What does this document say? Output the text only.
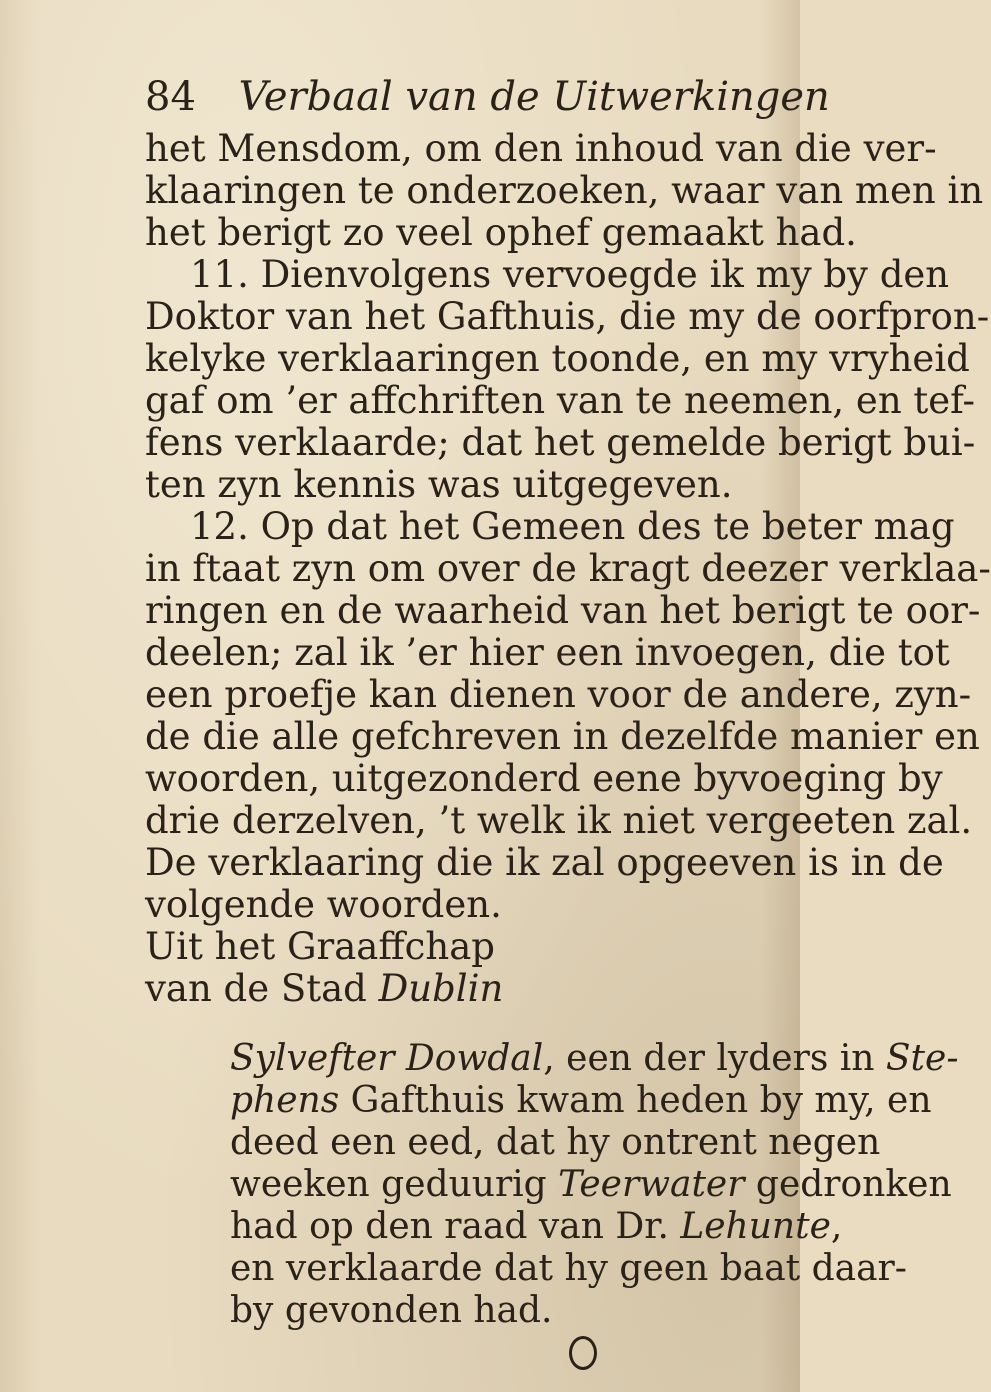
84 Verbaal van de Uitwerkingen
het Mensdom, om den inhoud van die ver-
klaaringen te onderzoeken, waar van men in
het berigt zo veel ophef gemaakt had.
11. Dienvolgens vervoegde ik my by den
Doktor van het Gafthuis, die my de oorfpron-
kelyke verklaaringen toonde, en my vryheid
gaf om ’er affchriften van te neemen, en tef-
fens verklaarde; dat het gemelde berigt bui-
ten zyn kennis was uitgegeven.
12. Op dat het Gemeen des te beter mag
in ftaat zyn om over de kragt deezer verklaa-
ringen en de waarheid van het berigt te oor-
deelen; zal ik ’er hier een invoegen, die tot
een proefje kan dienen voor de andere, zyn-
de die alle gefchreven in dezelfde manier en
woorden, uitgezonderd eene byvoeging by
drie derzelven, ’t welk ik niet vergeeten zal.
De verklaaring die ik zal opgeeven is in de
volgende woorden.
Uit het Graaffchap
van de Stad Dublin
Sylvefter Dowdal, een der lyders in Ste-
phens Gafthuis kwam heden by my, en
deed een eed, dat hy ontrent negen
weeken geduurig Teerwater gedronken
had op den raad van Dr. Lehunte,
en verklaarde dat hy geen baat daar-
by gevonden had.
